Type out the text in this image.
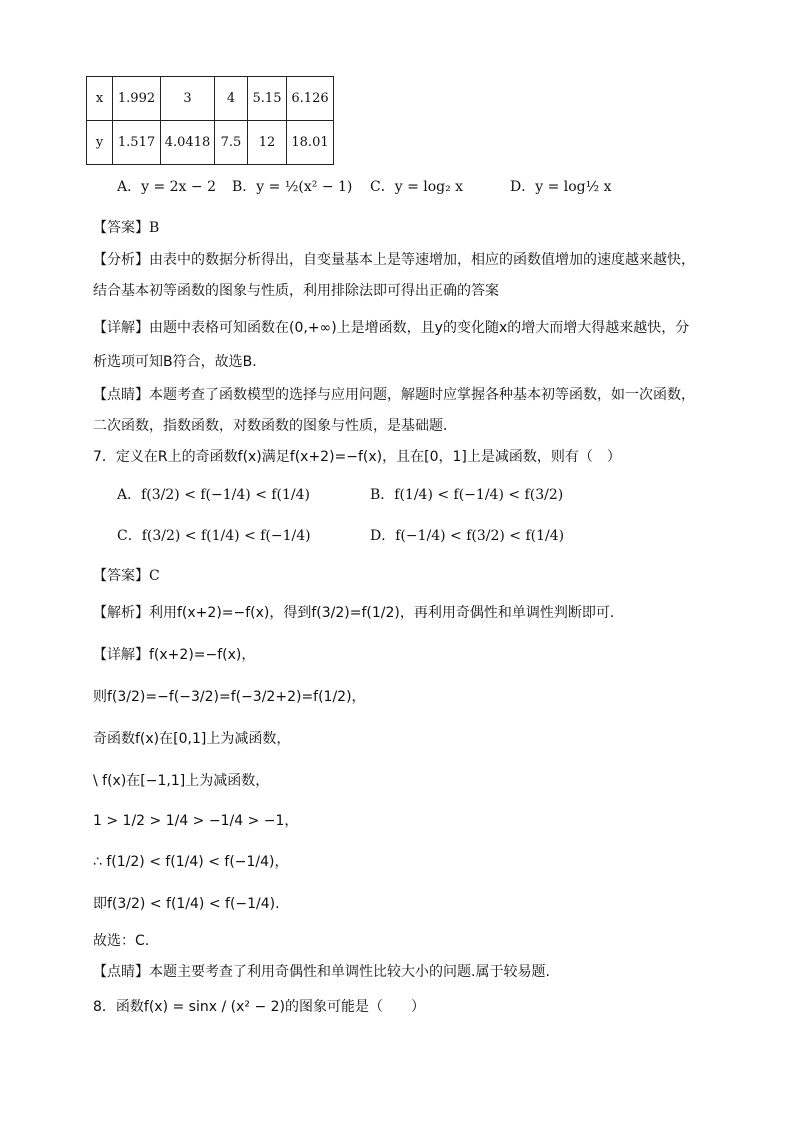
x	1.992	3	4	5.15	6.126
y	1.517	4.0418	7.5	12	18.01
A．y = 2x − 2 B．y = ½(x² − 1) C．y = log₂ x	D．y = log½ x
【答案】B
【分析】由表中的数据分析得出，自变量基本上是等速增加，相应的函数值增加的速度越来越快，
结合基本初等函数的图象与性质，利用排除法即可得出正确的答案
【详解】由题中表格可知函数在(0,+∞)上是增函数，且y的变化随x的增大而增大得越来越快，分
析选项可知B符合，故选B．
【点睛】本题考查了函数模型的选择与应用问题，解题时应掌握各种基本初等函数，如一次函数，
二次函数，指数函数，对数函数的图象与性质，是基础题．
7．定义在R上的奇函数f(x)满足f(x+2)=−f(x)，且在[0，1]上是减函数，则有（　）
A．f(3/2) < f(−1/4) < f(1/4)	B．f(1/4) < f(−1/4) < f(3/2)
C．f(3/2) < f(1/4) < f(−1/4)	D．f(−1/4) < f(3/2) < f(1/4)
【答案】C
【解析】利用f(x+2)=−f(x)，得到f(3/2)=f(1/2)，再利用奇偶性和单调性判断即可.
【详解】f(x+2)=−f(x)，
则f(3/2)=−f(−3/2)=f(−3/2+2)=f(1/2)，
奇函数f(x)在[0,1]上为减函数，
\ f(x)在[−1,1]上为减函数，
1 > 1/2 > 1/4 > −1/4 > −1，
∴ f(1/2) < f(1/4) < f(−1/4)，
即f(3/2) < f(1/4) < f(−1/4).
故选：C.
【点睛】本题主要考查了利用奇偶性和单调性比较大小的问题.属于较易题.
8．函数f(x) = sinx / (x² − 2)的图象可能是（　　）
